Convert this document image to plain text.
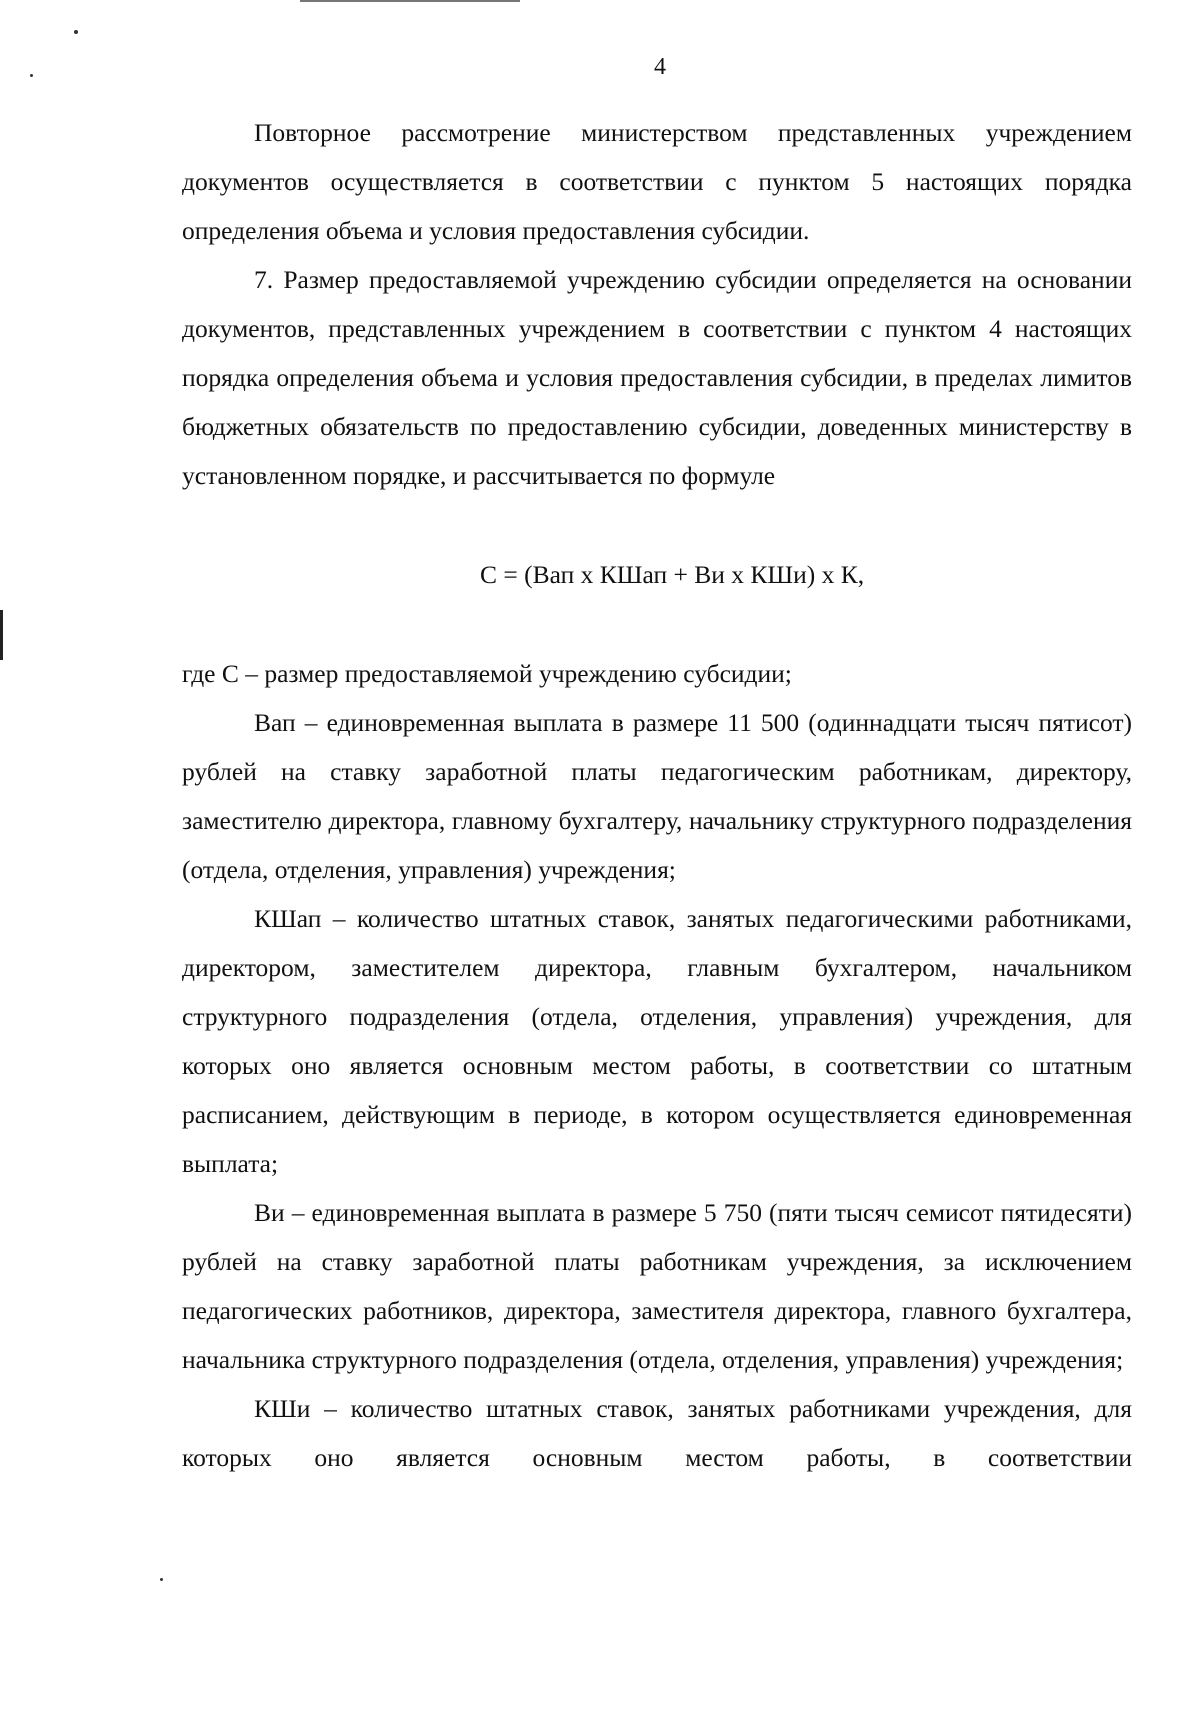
4

Повторное рассмотрение министерством представленных учреждением документов осуществляется в соответствии с пунктом 5 настоящих порядка определения объема и условия предоставления субсидии.

7. Размер предоставляемой учреждению субсидии определяется на основании документов, представленных учреждением в соответствии с пунктом 4 настоящих порядка определения объема и условия предоставления субсидии, в пределах лимитов бюджетных обязательств по предоставлению субсидии, доведенных министерству в установленном порядке, и рассчитывается по формуле

С = (Вап х КШап + Ви х КШи) х К,

где С – размер предоставляемой учреждению субсидии;

Вап – единовременная выплата в размере 11 500 (одиннадцати тысяч пятисот) рублей на ставку заработной платы педагогическим работникам, директору, заместителю директора, главному бухгалтеру, начальнику структурного подразделения (отдела, отделения, управления) учреждения;

КШап – количество штатных ставок, занятых педагогическими работниками, директором, заместителем директора, главным бухгалтером, начальником структурного подразделения (отдела, отделения, управления) учреждения, для которых оно является основным местом работы, в соответствии со штатным расписанием, действующим в периоде, в котором осуществляется единовременная выплата;

Ви – единовременная выплата в размере 5 750 (пяти тысяч семисот пятидесяти) рублей на ставку заработной платы работникам учреждения, за исключением педагогических работников, директора, заместителя директора, главного бухгалтера, начальника структурного подразделения (отдела, отделения, управления) учреждения;

КШи – количество штатных ставок, занятых работниками учреждения, для которых оно является основным местом работы, в соответствии
